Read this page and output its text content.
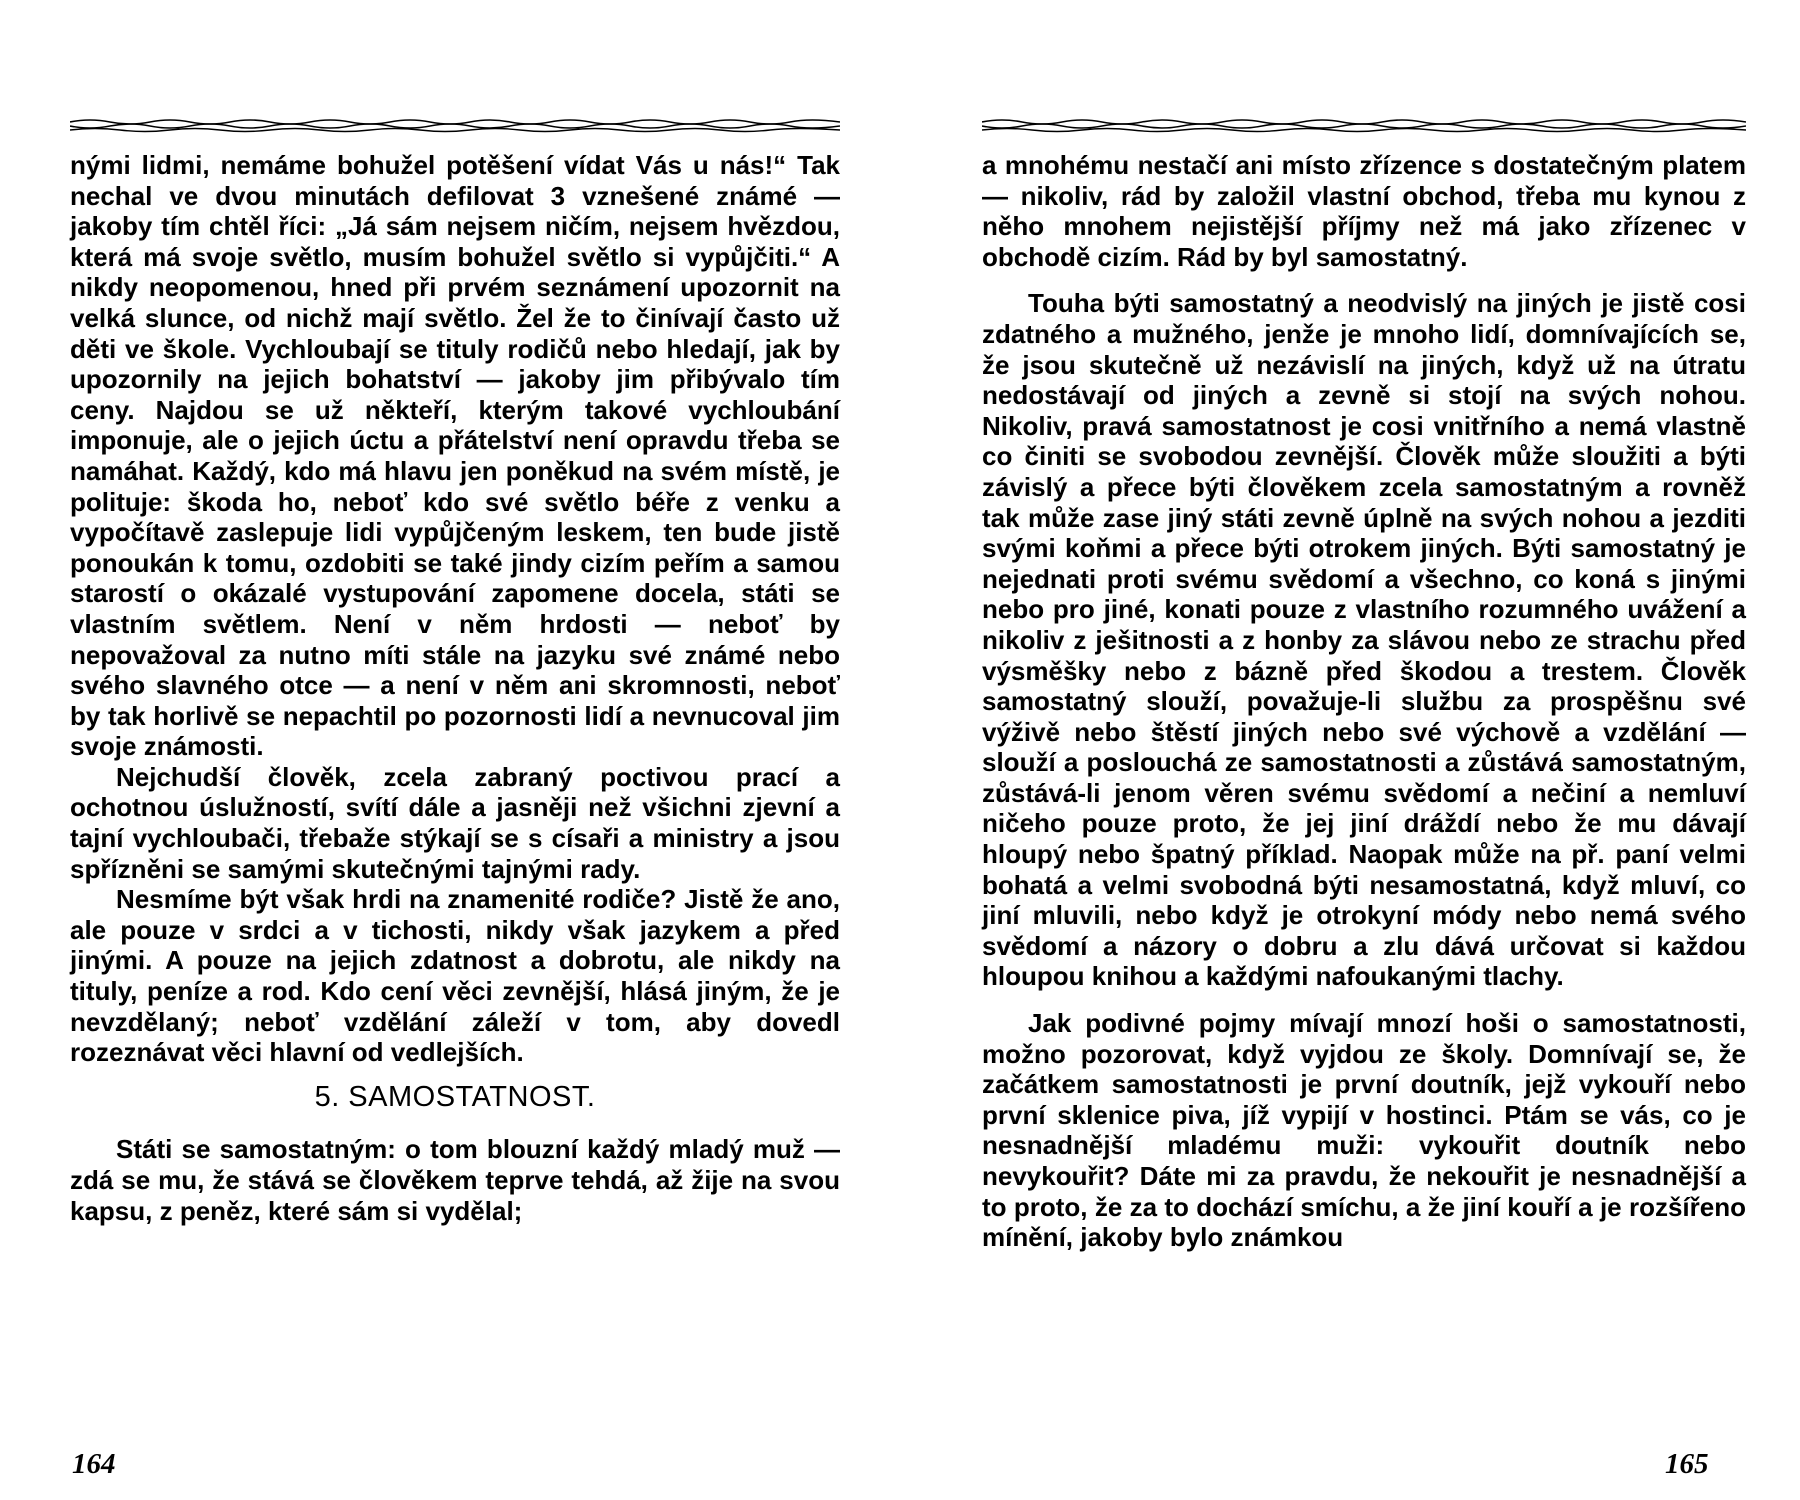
nými lidmi, nemáme bohužel potěšení vídat Vás u nás!“ Tak nechal ve dvou minutách defilovat 3 vznešené známé — jakoby tím chtěl říci: „Já sám nejsem ničím, nejsem hvězdou, která má svoje světlo, musím bohužel světlo si vypůjčiti.“ A nikdy neopomenou, hned při prvém seznámení upozornit na velká slunce, od nichž mají světlo. Žel že to činívají často už děti ve škole. Vychloubají se tituly rodičů nebo hledají, jak by upozornily na jejich bohatství — jakoby jim přibývalo tím ceny. Najdou se už někteří, kterým takové vychloubání imponuje, ale o jejich úctu a přátelství není opravdu třeba se namáhat. Každý, kdo má hlavu jen poněkud na svém místě, je polituje: škoda ho, neboť kdo své světlo béře z venku a vypočítavě zaslepuje lidi vypůjčeným leskem, ten bude jistě ponoukán k tomu, ozdobiti se také jindy cizím peřím a samou starostí o okázalé vystupování zapomene docela, státi se vlastním světlem. Není v něm hrdosti — neboť by nepovažoval za nutno míti stále na jazyku své známé nebo svého slavného otce — a není v něm ani skromnosti, neboť by tak horlivě se nepachtil po pozornosti lidí a nevnucoval jim svoje známosti.

Nejchudší člověk, zcela zabraný poctivou prací a ochotnou úslužností, svítí dále a jasněji než všichni zjevní a tajní vychloubači, třebaže stýkají se s císaři a ministry a jsou spřízněni se samými skutečnými tajnými rady.

Nesmíme být však hrdi na znamenité rodiče? Jistě že ano, ale pouze v srdci a v tichosti, nikdy však jazykem a před jinými. A pouze na jejich zdatnost a dobrotu, ale nikdy na tituly, peníze a rod. Kdo cení věci zevnější, hlásá jiným, že je nevzdělaný; neboť vzdělání záleží v tom, aby dovedl rozeznávat věci hlavní od vedlejších.

5. SAMOSTATNOST.

Státi se samostatným: o tom blouzní každý mladý muž — zdá se mu, že stává se člověkem teprve tehdá, až žije na svou kapsu, z peněz, které sám si vydělal;

164

a mnohému nestačí ani místo zřízence s dostatečným platem — nikoliv, rád by založil vlastní obchod, třeba mu kynou z něho mnohem nejistější příjmy než má jako zřízenec v obchodě cizím. Rád by byl samostatný.

Touha býti samostatný a neodvislý na jiných je jistě cosi zdatného a mužného, jenže je mnoho lidí, domnívajících se, že jsou skutečně už nezávislí na jiných, když už na útratu nedostávají od jiných a zevně si stojí na svých nohou. Nikoliv, pravá samostatnost je cosi vnitřního a nemá vlastně co činiti se svobodou zevnější. Člověk může sloužiti a býti závislý a přece býti člověkem zcela samostatným a rovněž tak může zase jiný státi zevně úplně na svých nohou a jezditi svými koňmi a přece býti otrokem jiných. Býti samostatný je nejednati proti svému svědomí a všechno, co koná s jinými nebo pro jiné, konati pouze z vlastního rozumného uvážení a nikoliv z ješitnosti a z honby za slávou nebo ze strachu před výsměšky nebo z bázně před škodou a trestem. Člověk samostatný slouží, považuje-li službu za prospěšnu své výživě nebo štěstí jiných nebo své výchově a vzdělání — slouží a poslouchá ze samostatnosti a zůstává samostatným, zůstává-li jenom věren svému svědomí a nečiní a nemluví ničeho pouze proto, že jej jiní dráždí nebo že mu dávají hloupý nebo špatný příklad. Naopak může na př. paní velmi bohatá a velmi svobodná býti nesamostatná, když mluví, co jiní mluvili, nebo když je otrokyní módy nebo nemá svého svědomí a názory o dobru a zlu dává určovat si každou hloupou knihou a každými nafoukanými tlachy.

Jak podivné pojmy mívají mnozí hoši o samostatnosti, možno pozorovat, když vyjdou ze školy. Domnívají se, že začátkem samostatnosti je první doutník, jejž vykouří nebo první sklenice piva, jíž vypijí v hostinci. Ptám se vás, co je nesnadnější mladému muži: vykouřit doutník nebo nevykouřit? Dáte mi za pravdu, že nekouřit je nesnadnější a to proto, že za to dochází smíchu, a že jiní kouří a je rozšířeno mínění, jakoby bylo známkou

165
